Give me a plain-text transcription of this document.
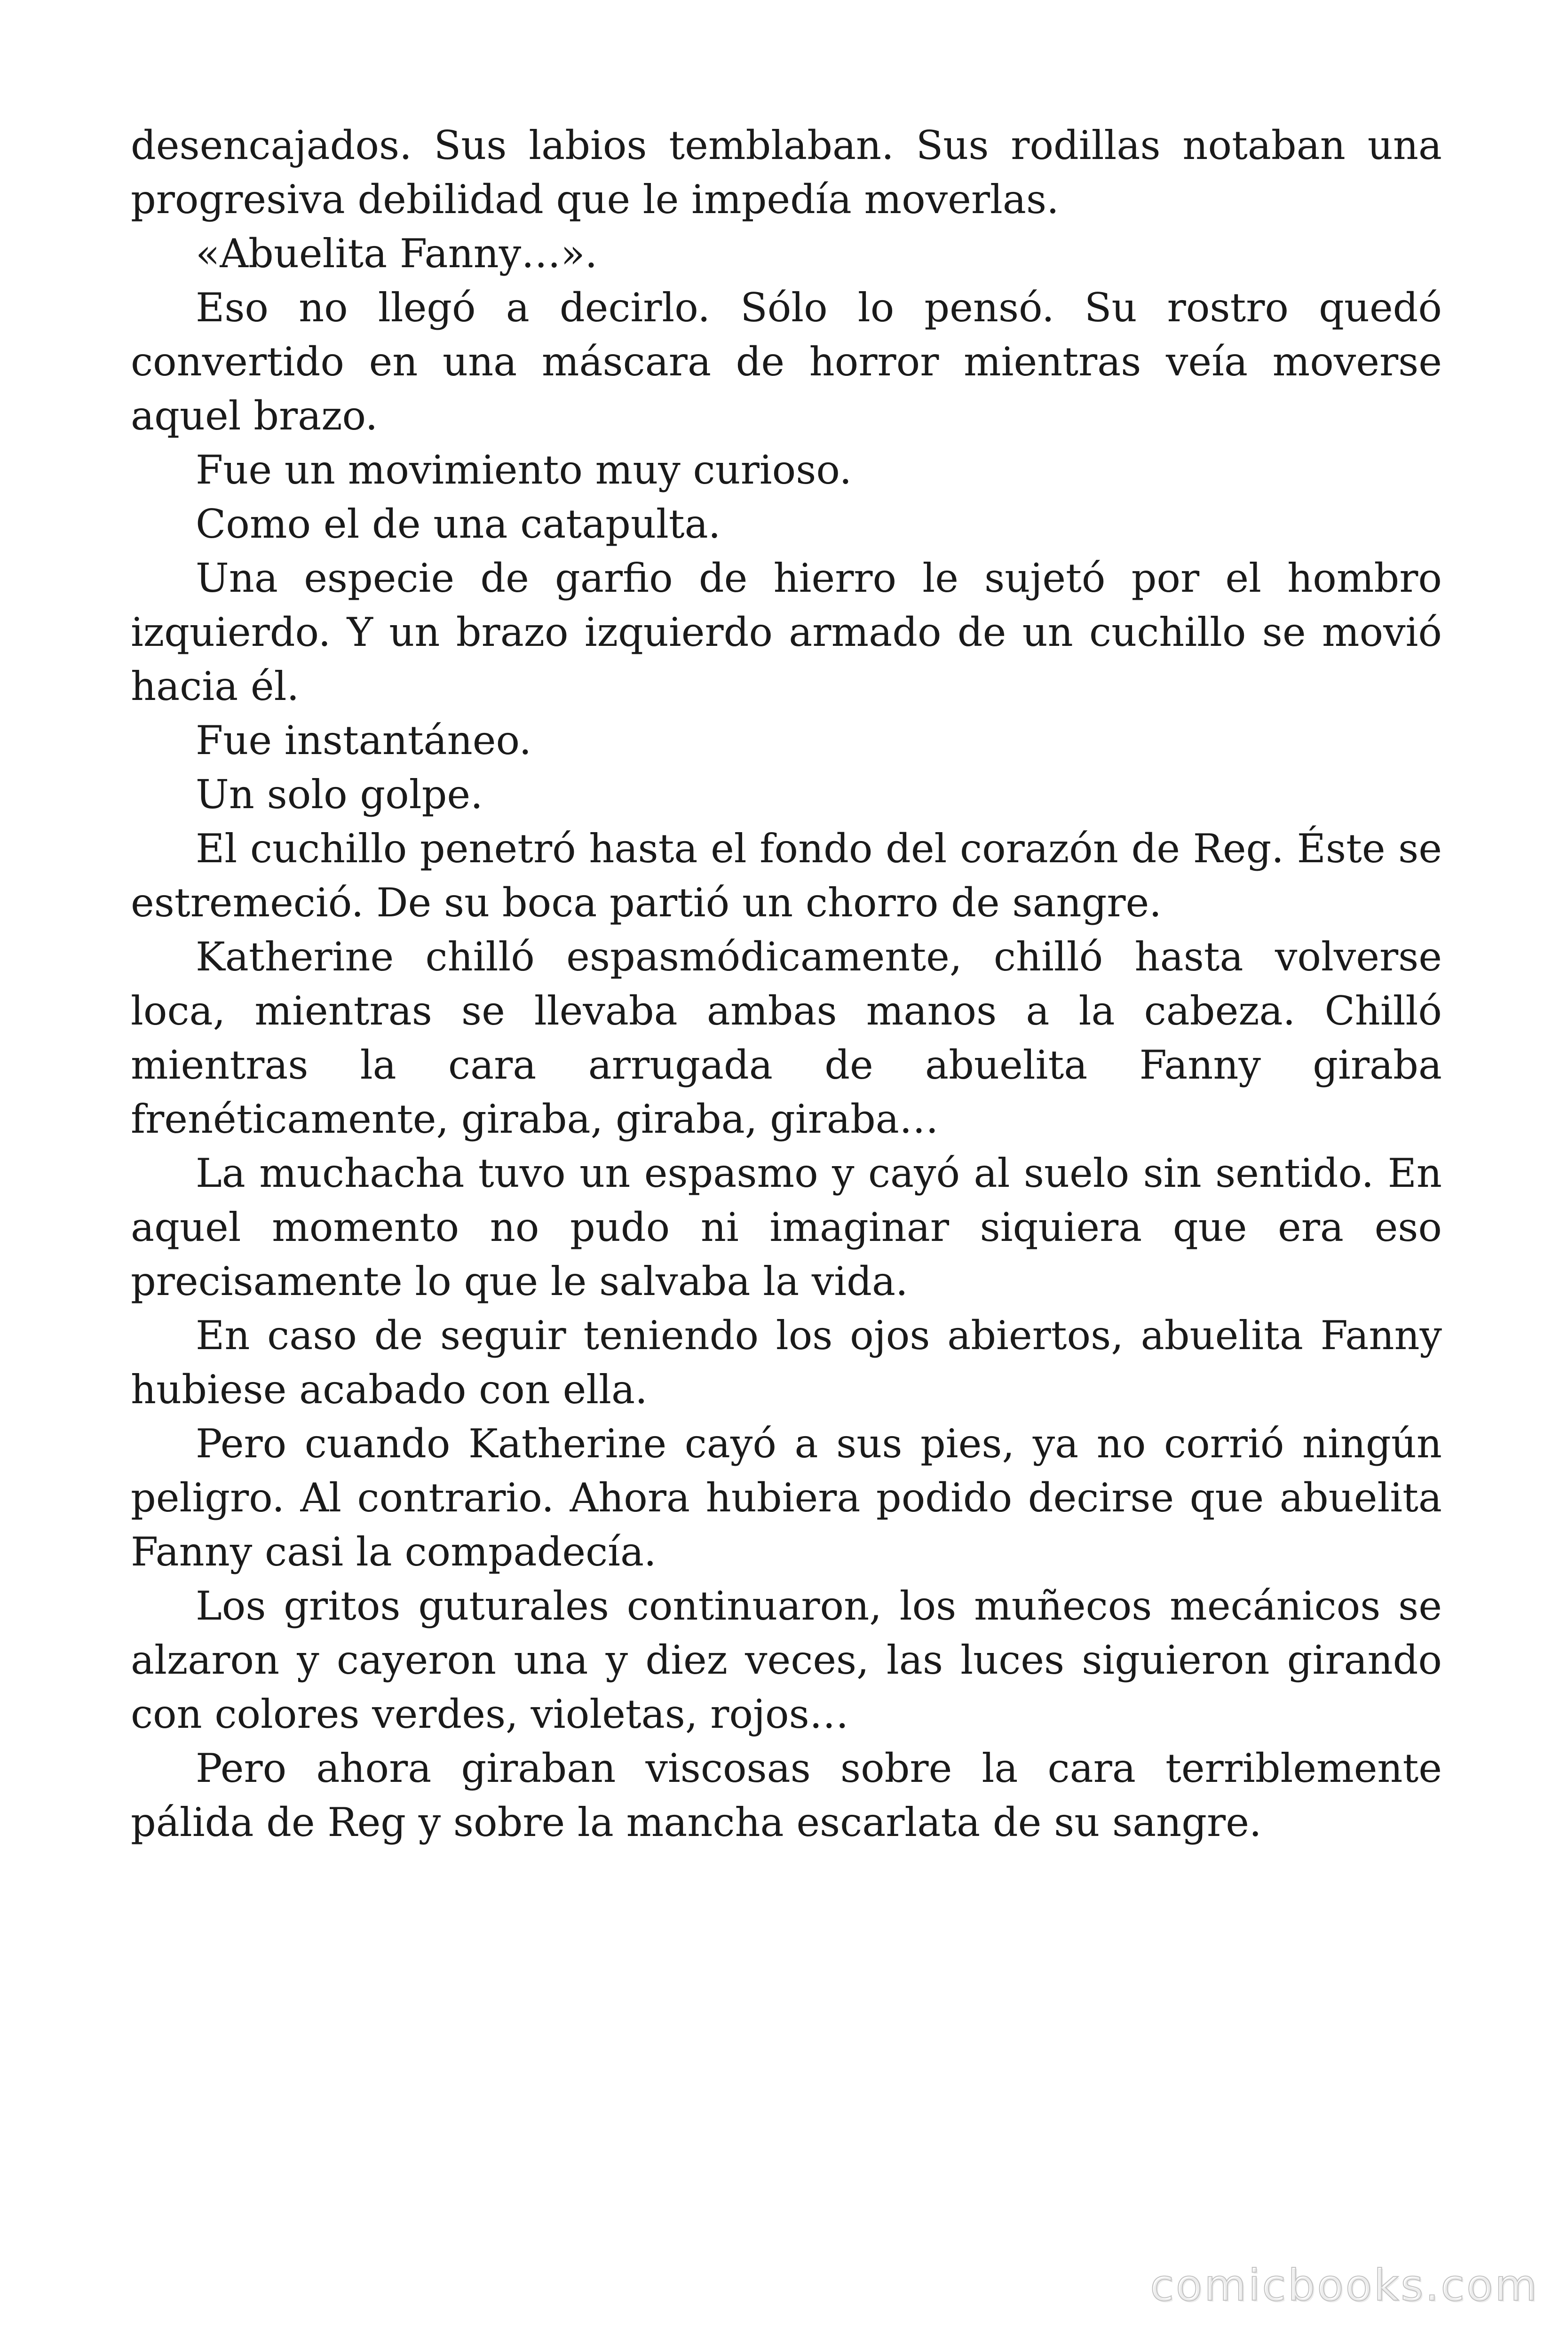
desencajados. Sus labios temblaban. Sus rodillas notaban una progresiva debilidad que le impedía moverlas.

«Abuelita Fanny…».

Eso no llegó a decirlo. Sólo lo pensó. Su rostro quedó convertido en una máscara de horror mientras veía moverse aquel brazo.

Fue un movimiento muy curioso.

Como el de una catapulta.

Una especie de garfio de hierro le sujetó por el hombro izquierdo. Y un brazo izquierdo armado de un cuchillo se movió hacia él.

Fue instantáneo.

Un solo golpe.

El cuchillo penetró hasta el fondo del corazón de Reg. Éste se estremeció. De su boca partió un chorro de sangre.

Katherine chilló espasmódicamente, chilló hasta volverse loca, mientras se llevaba ambas manos a la cabeza. Chilló mientras la cara arrugada de abuelita Fanny giraba frenéticamente, giraba, giraba, giraba…

La muchacha tuvo un espasmo y cayó al suelo sin sentido. En aquel momento no pudo ni imaginar siquiera que era eso precisamente lo que le salvaba la vida.

En caso de seguir teniendo los ojos abiertos, abuelita Fanny hubiese acabado con ella.

Pero cuando Katherine cayó a sus pies, ya no corrió ningún peligro. Al contrario. Ahora hubiera podido decirse que abuelita Fanny casi la compadecía.

Los gritos guturales continuaron, los muñecos mecánicos se alzaron y cayeron una y diez veces, las luces siguieron girando con colores verdes, violetas, rojos…

Pero ahora giraban viscosas sobre la cara terriblemente pálida de Reg y sobre la mancha escarlata de su sangre.

comicbooks.com
